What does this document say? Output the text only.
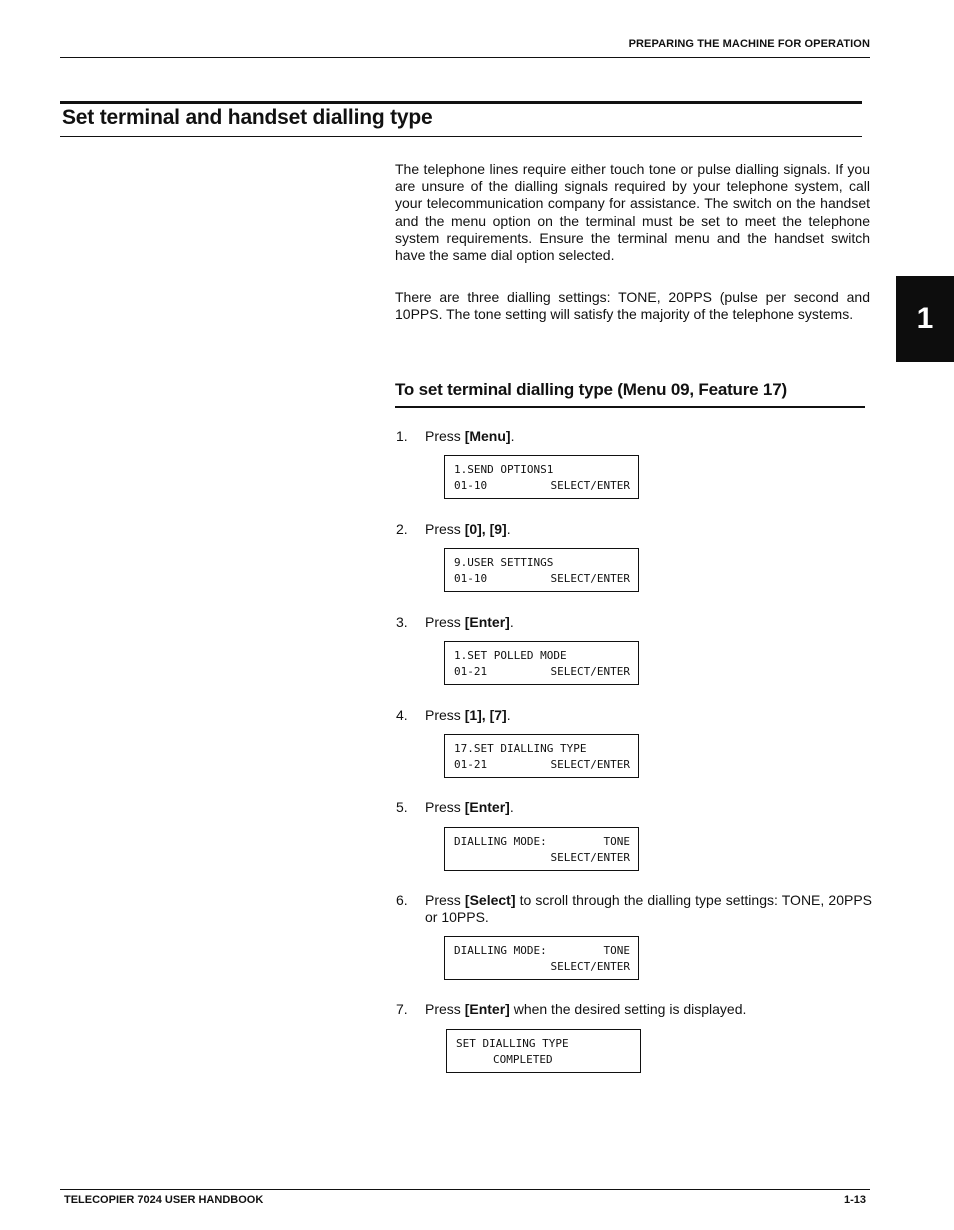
PREPARING THE MACHINE FOR OPERATION
Set terminal and handset dialling type
1

The telephone lines require either touch tone or pulse dialling signals. If you are unsure of the dialling signals required by your telephone system, call your telecommunication company for assistance. The switch on the handset and the menu option on the terminal must be set to meet the telephone system requirements. Ensure the terminal menu and the handset switch have the same dial option selected.

There are three dialling settings: TONE, 20PPS (pulse per second and 10PPS. The tone setting will satisfy the majority of the telephone systems.

To set terminal dialling type (Menu 09, Feature 17)
1. Press [Menu].
1.SEND OPTIONS1
01-10	SELECT/ENTER
2. Press [0], [9].
9.USER SETTINGS
01-10	SELECT/ENTER
3. Press [Enter].
1.SET POLLED MODE
01-21	SELECT/ENTER
4. Press [1], [7].
17.SET DIALLING TYPE
01-21	SELECT/ENTER
5. Press [Enter].
DIALLING MODE:	TONE
SELECT/ENTER
6. Press [Select] to scroll through the dialling type settings: TONE, 20PPS or 10PPS.
DIALLING MODE:	TONE
SELECT/ENTER
7. Press [Enter] when the desired setting is displayed.
SET DIALLING TYPE
COMPLETED
TELECOPIER 7024 USER HANDBOOK	1-13
